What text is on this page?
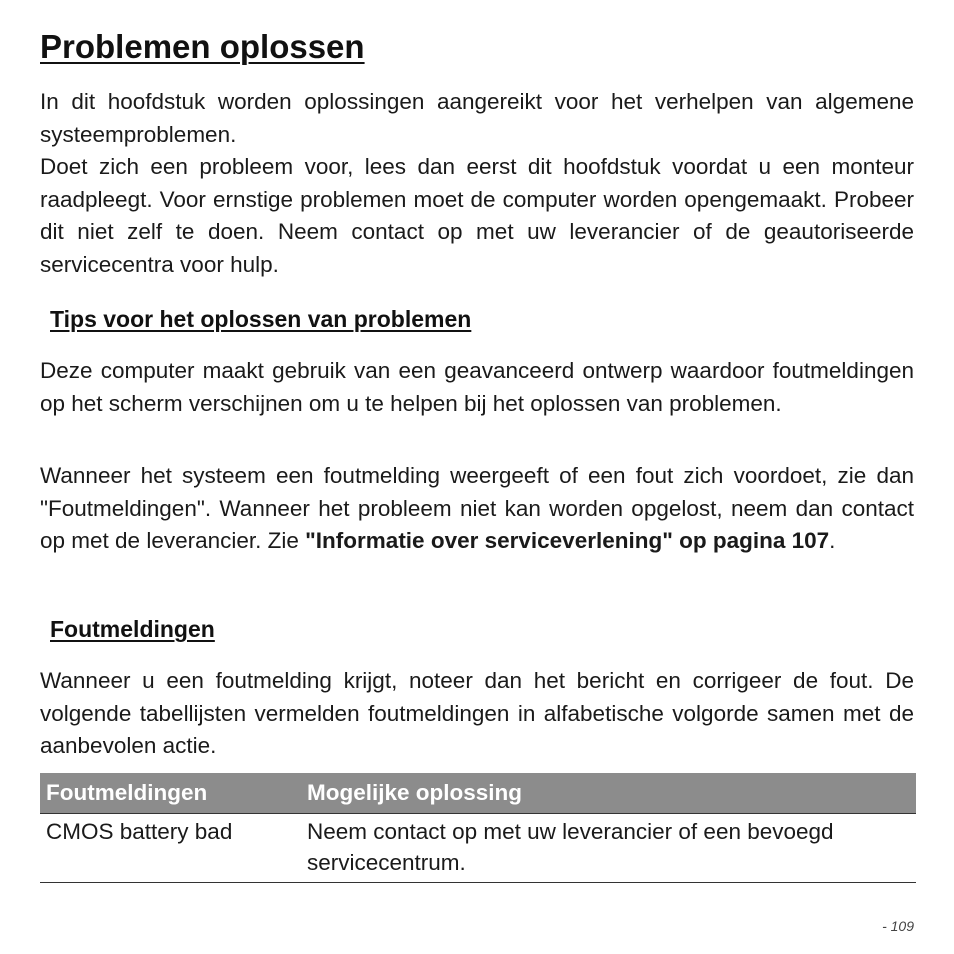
Problemen oplossen

In dit hoofdstuk worden oplossingen aangereikt voor het verhelpen van algemene systeemproblemen.

Doet zich een probleem voor, lees dan eerst dit hoofdstuk voordat u een monteur raadpleegt. Voor ernstige problemen moet de computer worden opengemaakt. Probeer dit niet zelf te doen. Neem contact op met uw leverancier of de geautoriseerde servicecentra voor hulp.

Tips voor het oplossen van problemen

Deze computer maakt gebruik van een geavanceerd ontwerp waardoor foutmeldingen op het scherm verschijnen om u te helpen bij het oplossen van problemen.

Wanneer het systeem een foutmelding weergeeft of een fout zich voordoet, zie dan "Foutmeldingen". Wanneer het probleem niet kan worden opgelost, neem dan contact op met de leverancier. Zie "Informatie over serviceverlening" op pagina 107.

Foutmeldingen

Wanneer u een foutmelding krijgt, noteer dan het bericht en corrigeer de fout. De volgende tabellijsten vermelden foutmeldingen in alfabetische volgorde samen met de aanbevolen actie.

Foutmeldingen	Mogelijke oplossing
CMOS battery bad	Neem contact op met uw leverancier of een bevoegd servicecentrum.
- 109
